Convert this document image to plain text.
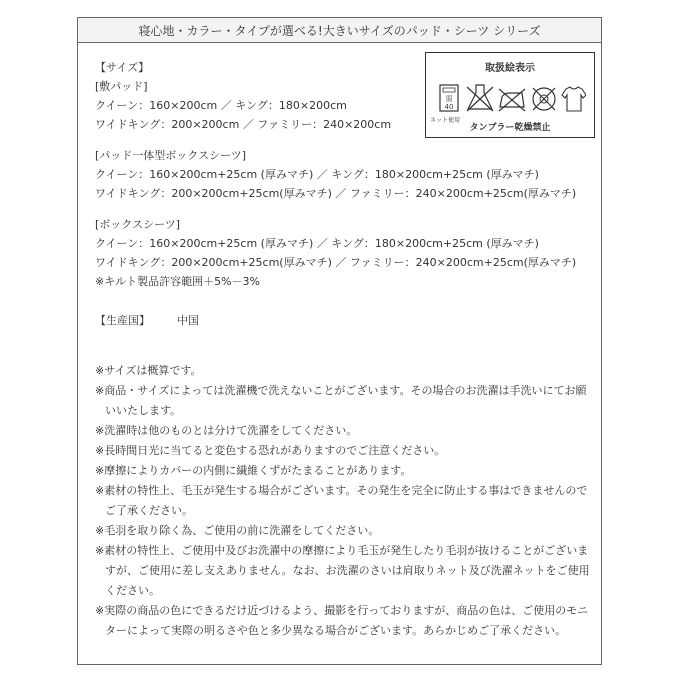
寝心地・カラー・タイプが選べる!大きいサイズのパッド・シーツ シリーズ
【サイズ】
[敷パッド]
クイーン：160×200cm ／ キング：180×200cm
ワイドキング：200×200cm ／ ファミリー：240×200cm
[パッド一体型ボックスシーツ]
クイーン：160×200cm+25cm (厚みマチ) ／ キング：180×200cm+25cm (厚みマチ)
ワイドキング：200×200cm+25cm(厚みマチ) ／ ファミリー：240×200cm+25cm(厚みマチ)
[ボックスシーツ]
クイーン：160×200cm+25cm (厚みマチ) ／ キング：180×200cm+25cm (厚みマチ)
ワイドキング：200×200cm+25cm(厚みマチ) ／ ファミリー：240×200cm+25cm(厚みマチ)
※キルト製品許容範囲＋5%－3%
【生産国】 中国
※サイズは概算です。
※商品・サイズによっては洗濯機で洗えないことがございます。その場合のお洗濯は手洗いにてお願いいたします。
※洗濯時は他のものとは分けて洗濯をしてください。
※長時間日光に当てると変色する恐れがありますのでご注意ください。
※摩擦によりカバーの内側に繊維くずがたまることがあります。
※素材の特性上、毛玉が発生する場合がございます。その発生を完全に防止する事はできませんのでご了承ください。
※毛羽を取り除く為、ご使用の前に洗濯をしてください。
※素材の特性上、ご使用中及びお洗濯中の摩擦により毛玉が発生したり毛羽が抜けることがございますが、ご使用に差し支えありません。なお、お洗濯のさいは肩取りネット及び洗濯ネットをご使用ください。
※実際の商品の色にできるだけ近づけるよう、撮影を行っておりますが、商品の色は、ご使用のモニターによって実際の明るさや色と多少異なる場合がございます。あらかじめご了承ください。
取扱絵表示
弱
40
ネット使用
タンブラー乾燥禁止
